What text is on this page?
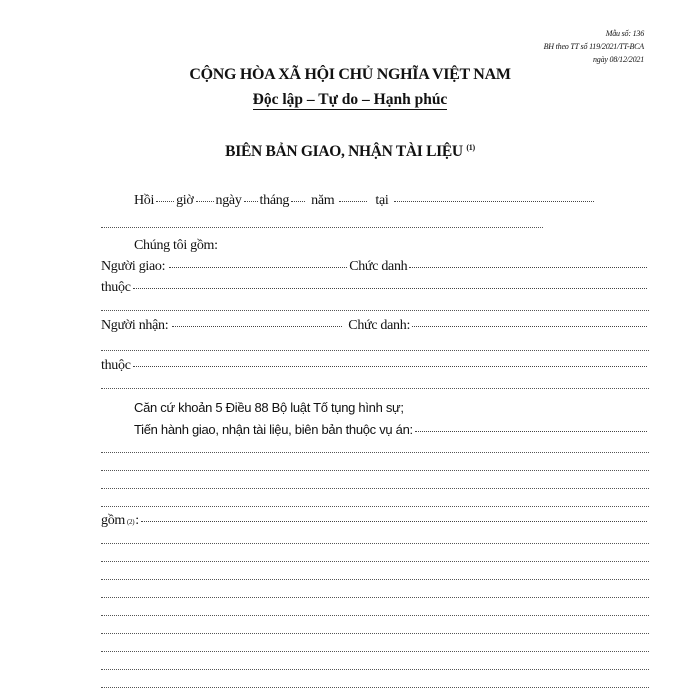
Mẫu số: 136
BH theo TT số 119/2021/TT-BCA
ngày 08/12/2021
CỘNG HÒA XÃ HỘI CHỦ NGHĨA VIỆT NAM
Độc lập – Tự do – Hạnh phúc
BIÊN BẢN GIAO, NHẬN TÀI LIỆU $^{(1)}$
Hồi giờ ngày tháng năm	tại
Chúng tôi gồm:
Người giao:	Chức danh
thuộc
Người nhận:	Chức danh:
thuộc
Căn cứ khoản 5 Điều 88 Bộ luật Tố tụng hình sự;
Tiến hành giao, nhận tài liệu, biên bản thuộc vụ án:
gồm (2) :
